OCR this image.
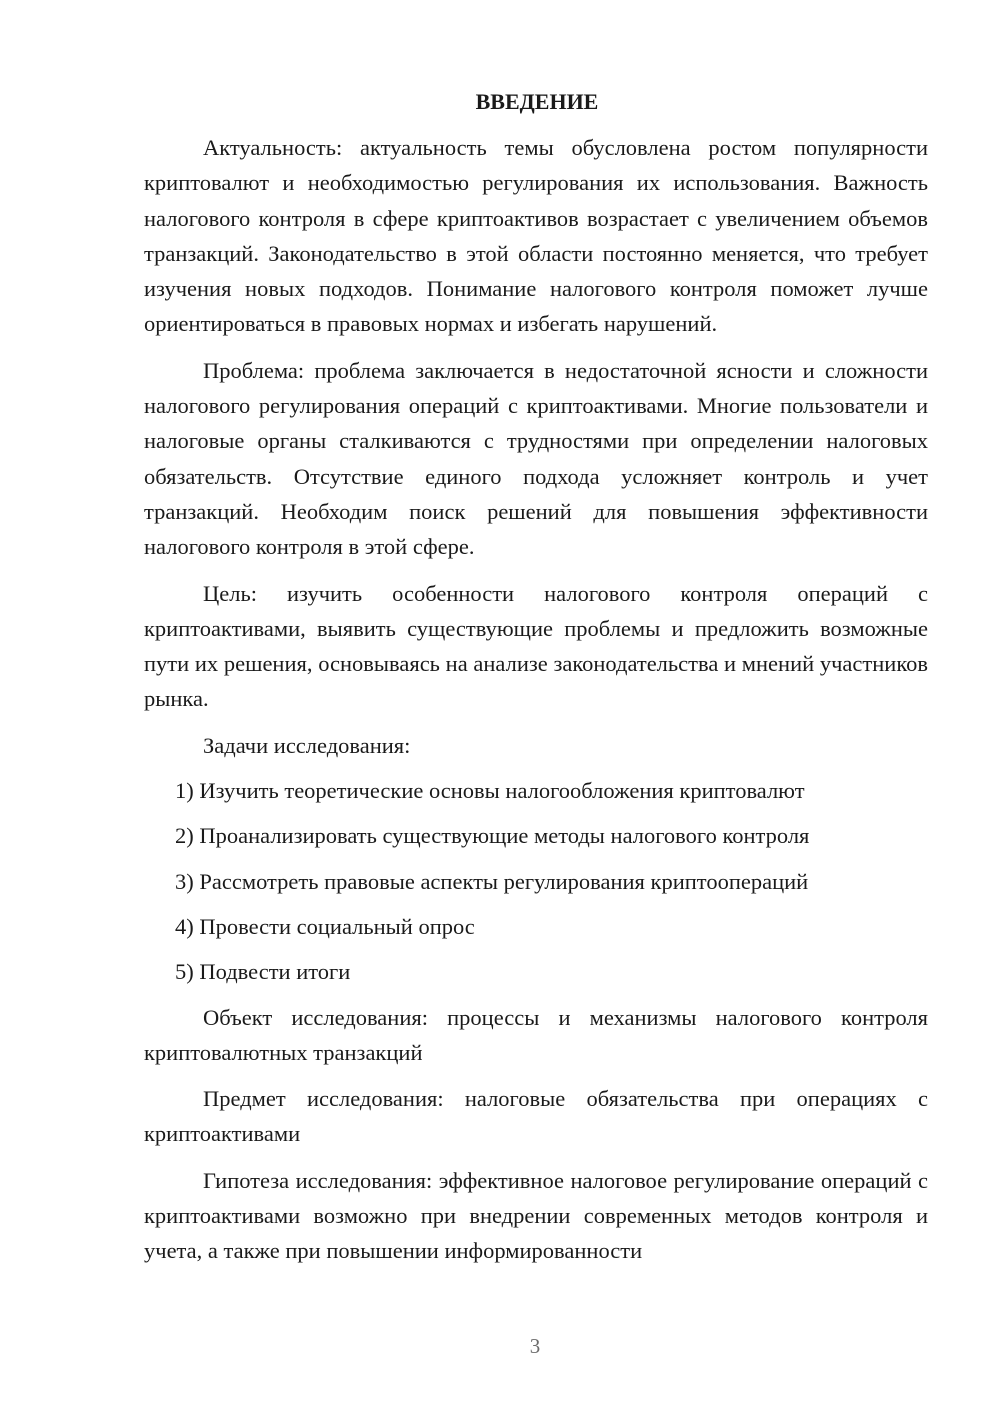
ВВЕДЕНИЕ

Актуальность: актуальность темы обусловлена ростом популярности криптовалют и необходимостью регулирования их использования. Важность налогового контроля в сфере криптоактивов возрастает с увеличением объемов транзакций. Законодательство в этой области постоянно меняется, что требует изучения новых подходов. Понимание налогового контроля поможет лучше ориентироваться в правовых нормах и избегать нарушений.

Проблема: проблема заключается в недостаточной ясности и сложности налогового регулирования операций с криптоактивами. Многие пользователи и налоговые органы сталкиваются с трудностями при определении налоговых обязательств. Отсутствие единого подхода усложняет контроль и учет транзакций. Необходим поиск решений для повышения эффективности налогового контроля в этой сфере.

Цель: изучить особенности налогового контроля операций с криптоактивами, выявить существующие проблемы и предложить возможные пути их решения, основываясь на анализе законодательства и мнений участников рынка.

Задачи исследования:

1) Изучить теоретические основы налогообложения криптовалют

2) Проанализировать существующие методы налогового контроля

3) Рассмотреть правовые аспекты регулирования криптоопераций

4) Провести социальный опрос

5) Подвести итоги

Объект исследования: процессы и механизмы налогового контроля криптовалютных транзакций

Предмет исследования: налоговые обязательства при операциях с криптоактивами

Гипотеза исследования: эффективное налоговое регулирование операций с криптоактивами возможно при внедрении современных методов контроля и учета, а также при повышении информированности

3
